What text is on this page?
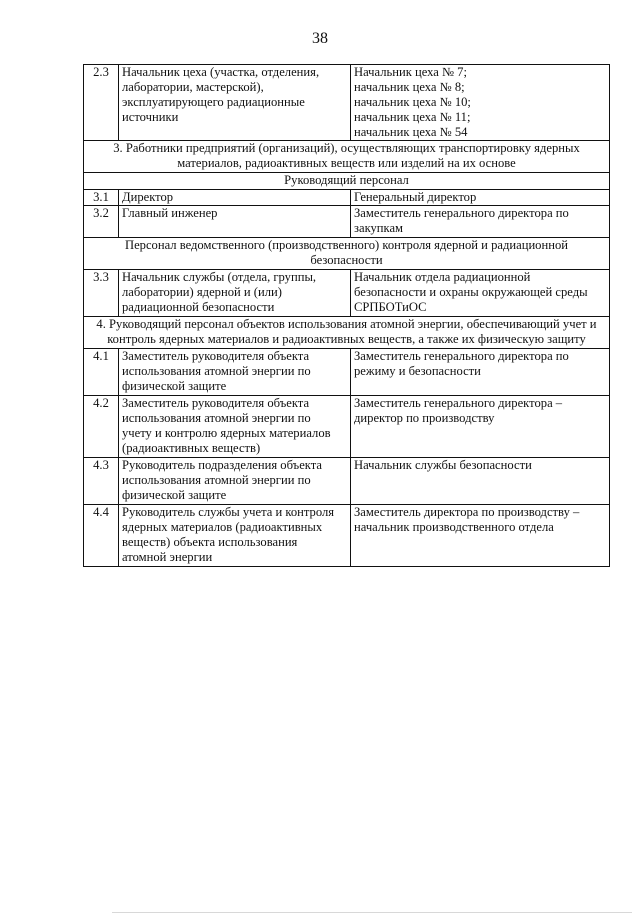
38
2.3	Начальник цеха (участка, отделения,
лаборатории, мастерской),
эксплуатирующего радиационные
источники	Начальник цеха № 7;
начальник цеха № 8;
начальник цеха № 10;
начальник цеха № 11;
начальник цеха № 54
3. Работники предприятий (организаций), осуществляющих транспортировку ядерных
материалов, радиоактивных веществ или изделий на их основе		
Руководящий персонал		
3.1	Директор	Генеральный директор
3.2	Главный инженер	Заместитель генерального директора по
закупкам
Персонал ведомственного (производственного) контроля ядерной и радиационной
безопасности		
3.3	Начальник службы (отдела, группы,
лаборатории) ядерной и (или)
радиационной безопасности	Начальник отдела радиационной
безопасности и охраны окружающей среды
СРПБОТиОС
4. Руководящий персонал объектов использования атомной энергии, обеспечивающий учет и
контроль ядерных материалов и радиоактивных веществ, а также их физическую защиту		
4.1	Заместитель руководителя объекта
использования атомной энергии по
физической защите	Заместитель генерального директора по
режиму и безопасности
4.2	Заместитель руководителя объекта
использования атомной энергии по
учету и контролю ядерных материалов
(радиоактивных веществ)	Заместитель генерального директора –
директор по производству
4.3	Руководитель подразделения объекта
использования атомной энергии по
физической защите	Начальник службы безопасности
4.4	Руководитель службы учета и контроля
ядерных материалов (радиоактивных
веществ) объекта использования
атомной энергии	Заместитель директора по производству –
начальник производственного отдела
